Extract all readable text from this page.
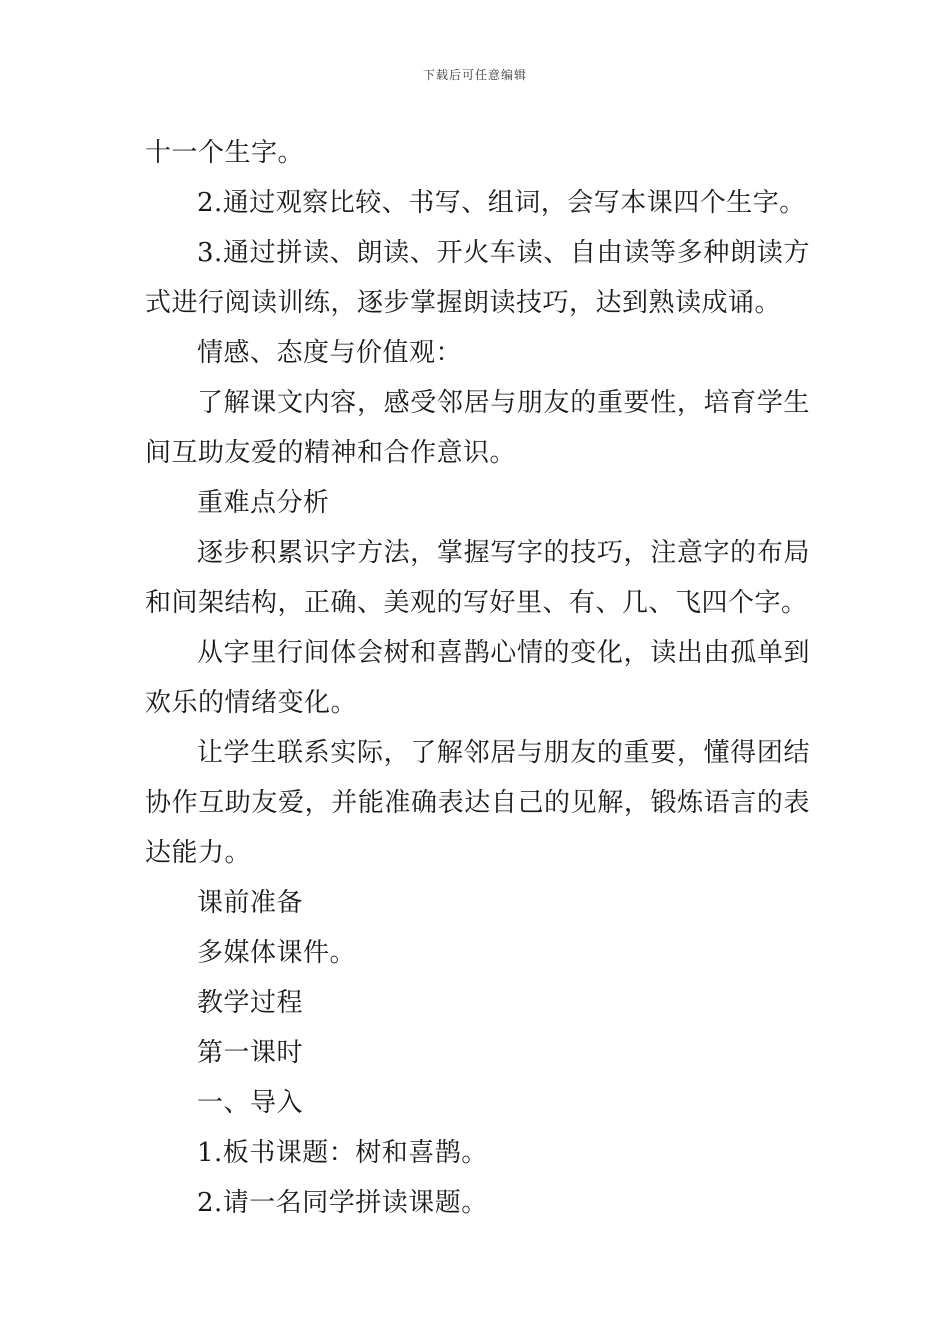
下载后可任意编辑

十一个生字。

2.通过观察比较、书写、组词，会写本课四个生字。

3.通过拼读、朗读、开火车读、自由读等多种朗读方式进行阅读训练，逐步掌握朗读技巧，达到熟读成诵。

情感、态度与价值观：

了解课文内容，感受邻居与朋友的重要性，培育学生间互助友爱的精神和合作意识。

重难点分析

逐步积累识字方法，掌握写字的技巧，注意字的布局和间架结构，正确、美观的写好里、有、几、飞四个字。

从字里行间体会树和喜鹊心情的变化，读出由孤单到欢乐的情绪变化。

让学生联系实际，了解邻居与朋友的重要，懂得团结协作互助友爱，并能准确表达自己的见解，锻炼语言的表达能力。

课前准备

多媒体课件。

教学过程

第一课时

一、导入

1.板书课题：树和喜鹊。

2.请一名同学拼读课题。
